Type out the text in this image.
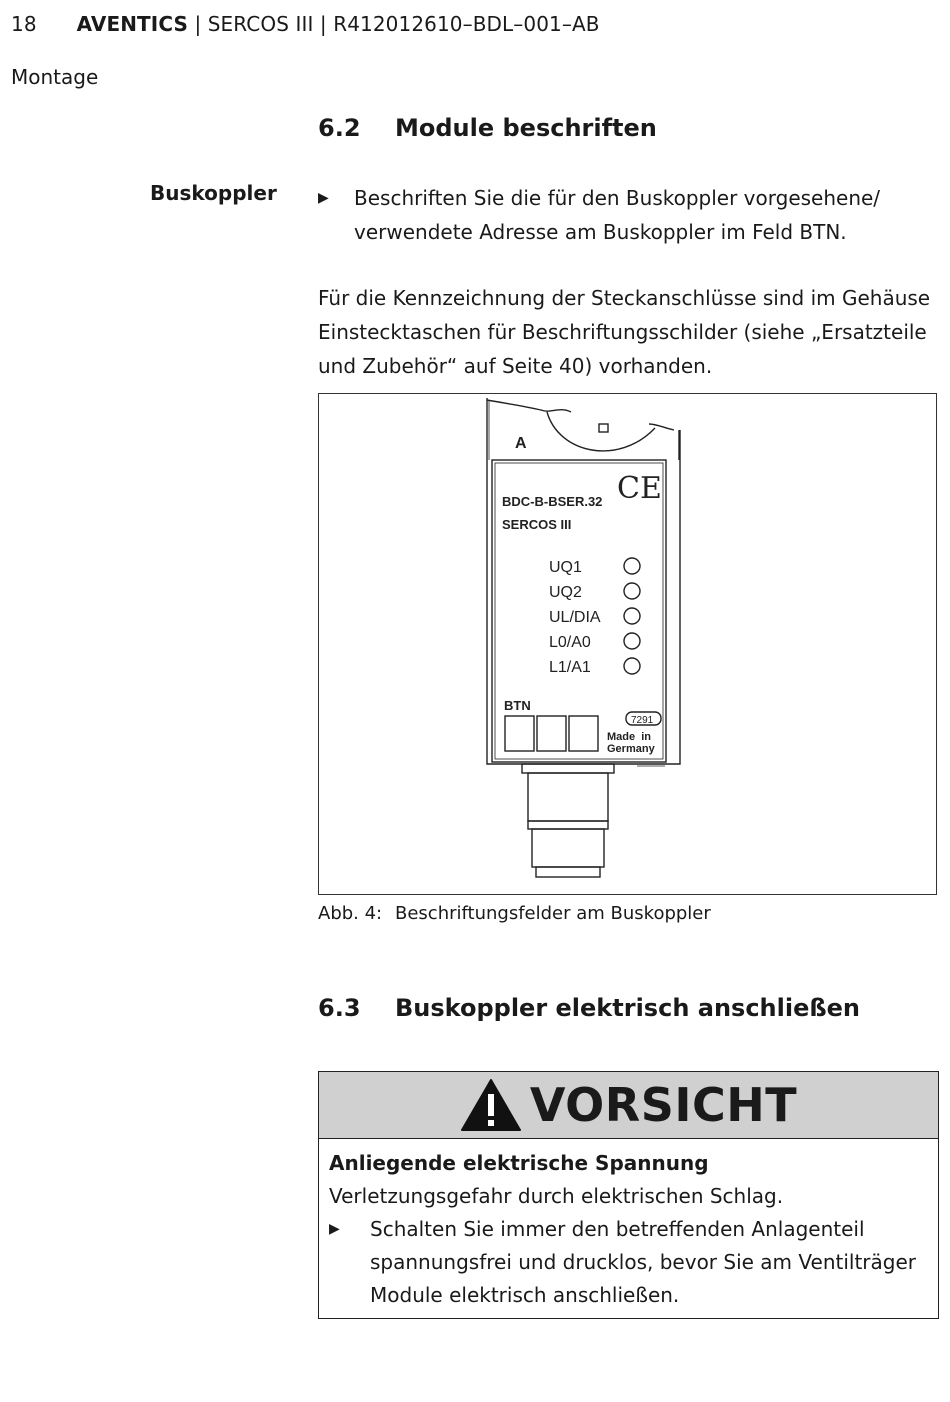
18 AVENTICS | SERCOS III | R412012610–BDL–001–AB
Montage
6.2 Module beschriften
Buskoppler	▶ Beschriften Sie die für den Buskoppler vorgesehene/ verwendete Adresse am Buskoppler im Feld BTN.
Für die Kennzeichnung der Steckanschlüsse sind im Gehäuse Einstecktaschen für Beschriftungsschilder (siehe „Ersatzteile und Zubehör“ auf Seite 40) vorhanden.
A
BDC-B-BSER.32
SERCOS III
CE
UQ1
UQ2
UL/DIA
L0/A0
L1/A1
BTN
7291
Made  in
Germany
Abb. 4: Beschriftungsfelder am Buskoppler
6.3 Buskoppler elektrisch anschließen
VORSICHT
Anliegende elektrische Spannung
Verletzungsgefahr durch elektrischen Schlag.
▶ Schalten Sie immer den betreffenden Anlagenteil spannungsfrei und drucklos, bevor Sie am Ventilträger Module elektrisch anschließen.
